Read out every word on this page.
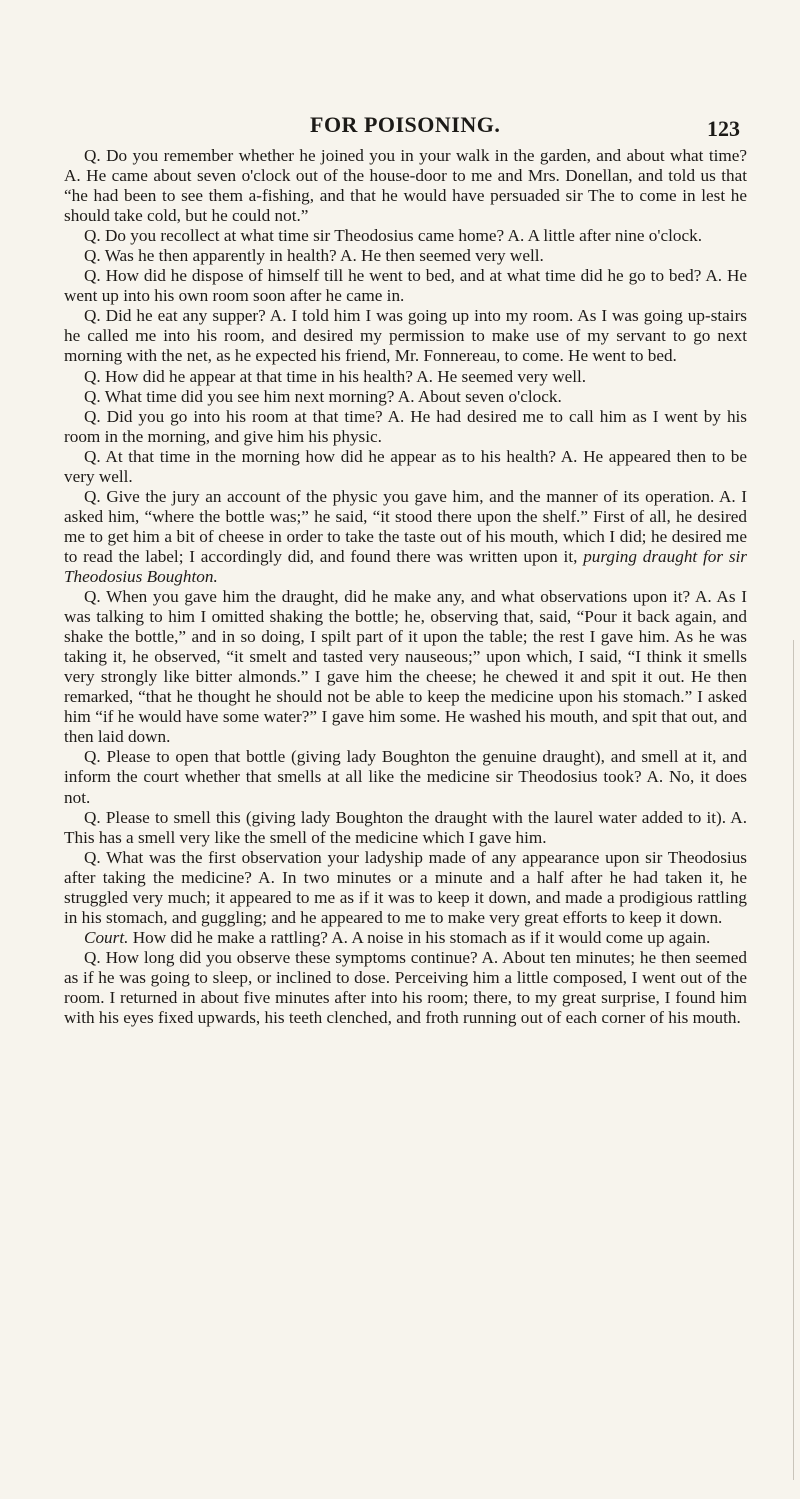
FOR POISONING.	123

Q. Do you remember whether he joined you in your walk in the garden, and about what time? A. He came about seven o'clock out of the house-door to me and Mrs. Donellan, and told us that “he had been to see them a-fishing, and that he would have persuaded sir The to come in lest he should take cold, but he could not.”

Q. Do you recollect at what time sir Theodosius came home? A. A little after nine o'clock.

Q. Was he then apparently in health? A. He then seemed very well.

Q. How did he dispose of himself till he went to bed, and at what time did he go to bed? A. He went up into his own room soon after he came in.

Q. Did he eat any supper? A. I told him I was going up into my room. As I was going up-stairs he called me into his room, and desired my permission to make use of my servant to go next morning with the net, as he expected his friend, Mr. Fonnereau, to come. He went to bed.

Q. How did he appear at that time in his health? A. He seemed very well.

Q. What time did you see him next morning? A. About seven o'clock.

Q. Did you go into his room at that time? A. He had desired me to call him as I went by his room in the morning, and give him his physic.

Q. At that time in the morning how did he appear as to his health? A. He appeared then to be very well.

Q. Give the jury an account of the physic you gave him, and the manner of its operation. A. I asked him, “where the bottle was;” he said, “it stood there upon the shelf.” First of all, he desired me to get him a bit of cheese in order to take the taste out of his mouth, which I did; he desired me to read the label; I accordingly did, and found there was written upon it, purging draught for sir Theodosius Boughton.

Q. When you gave him the draught, did he make any, and what observations upon it? A. As I was talking to him I omitted shaking the bottle; he, observing that, said, “Pour it back again, and shake the bottle,” and in so doing, I spilt part of it upon the table; the rest I gave him. As he was taking it, he observed, “it smelt and tasted very nauseous;” upon which, I said, “I think it smells very strongly like bitter almonds.” I gave him the cheese; he chewed it and spit it out. He then remarked, “that he thought he should not be able to keep the medicine upon his stomach.” I asked him “if he would have some water?” I gave him some. He washed his mouth, and spit that out, and then laid down.

Q. Please to open that bottle (giving lady Boughton the genuine draught), and smell at it, and inform the court whether that smells at all like the medicine sir Theodosius took? A. No, it does not.

Q. Please to smell this (giving lady Boughton the draught with the laurel water added to it). A. This has a smell very like the smell of the medicine which I gave him.

Q. What was the first observation your ladyship made of any appearance upon sir Theodosius after taking the medicine? A. In two minutes or a minute and a half after he had taken it, he struggled very much; it appeared to me as if it was to keep it down, and made a prodigious rattling in his stomach, and guggling; and he appeared to me to make very great efforts to keep it down.

Court. How did he make a rattling? A. A noise in his stomach as if it would come up again.

Q. How long did you observe these symptoms continue? A. About ten minutes; he then seemed as if he was going to sleep, or inclined to dose. Perceiving him a little composed, I went out of the room. I returned in about five minutes after into his room; there, to my great surprise, I found him with his eyes fixed upwards, his teeth clenched, and froth running out of each corner of his mouth.
